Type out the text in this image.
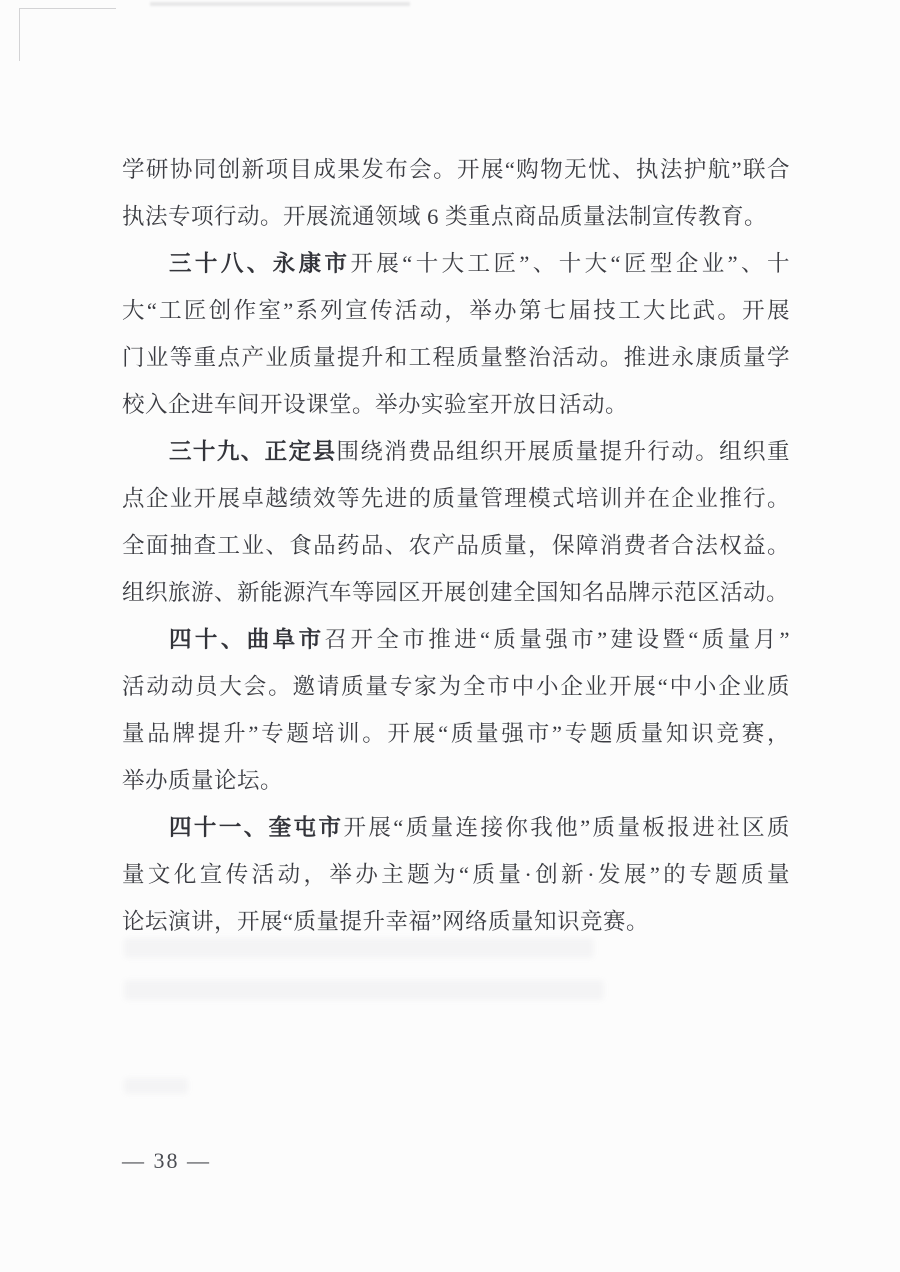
学研协同创新项目成果发布会。开展“购物无忧、执法护航”联合
执法专项行动。开展流通领域 6 类重点商品质量法制宣传教育。
三十八、永康市开展“十大工匠”、十大“匠型企业”、十
大“工匠创作室”系列宣传活动，举办第七届技工大比武。开展
门业等重点产业质量提升和工程质量整治活动。推进永康质量学
校入企进车间开设课堂。举办实验室开放日活动。
三十九、正定县围绕消费品组织开展质量提升行动。组织重
点企业开展卓越绩效等先进的质量管理模式培训并在企业推行。
全面抽查工业、食品药品、农产品质量，保障消费者合法权益。
组织旅游、新能源汽车等园区开展创建全国知名品牌示范区活动。
四十、曲阜市召开全市推进“质量强市”建设暨“质量月”
活动动员大会。邀请质量专家为全市中小企业开展“中小企业质
量品牌提升”专题培训。开展“质量强市”专题质量知识竞赛，
举办质量论坛。
四十一、奎屯市开展“质量连接你我他”质量板报进社区质
量文化宣传活动，举办主题为“质量·创新·发展”的专题质量
论坛演讲，开展“质量提升幸福”网络质量知识竞赛。
— 38 —
